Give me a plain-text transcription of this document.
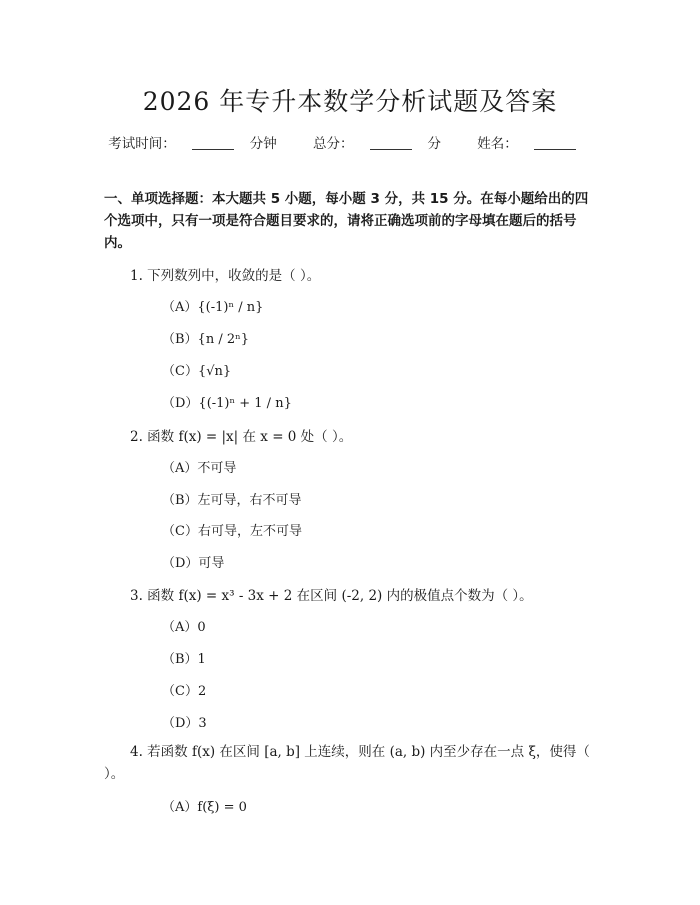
2026 年专升本数学分析试题及答案
考试时间：	分钟	总分：	分	姓名：
一、单项选择题：本大题共 5 小题，每小题 3 分，共 15 分。在每小题给出的四个选项中，只有一项是符合题目要求的，请将正确选项前的字母填在题后的括号内。
1. 下列数列中，收敛的是（ ）。
（A）{(-1)ⁿ / n}
（B）{n / 2ⁿ}
（C）{√n}
（D）{(-1)ⁿ + 1 / n}
2. 函数 f(x) = |x| 在 x = 0 处（ ）。
（A）不可导
（B）左可导，右不可导
（C）右可导，左不可导
（D）可导
3. 函数 f(x) = x³ - 3x + 2 在区间 (-2, 2) 内的极值点个数为（ ）。
（A）0
（B）1
（C）2
（D）3
4. 若函数 f(x) 在区间 [a, b] 上连续，则在 (a, b) 内至少存在一点 ξ，使得（ ）。
（A）f(ξ) = 0
